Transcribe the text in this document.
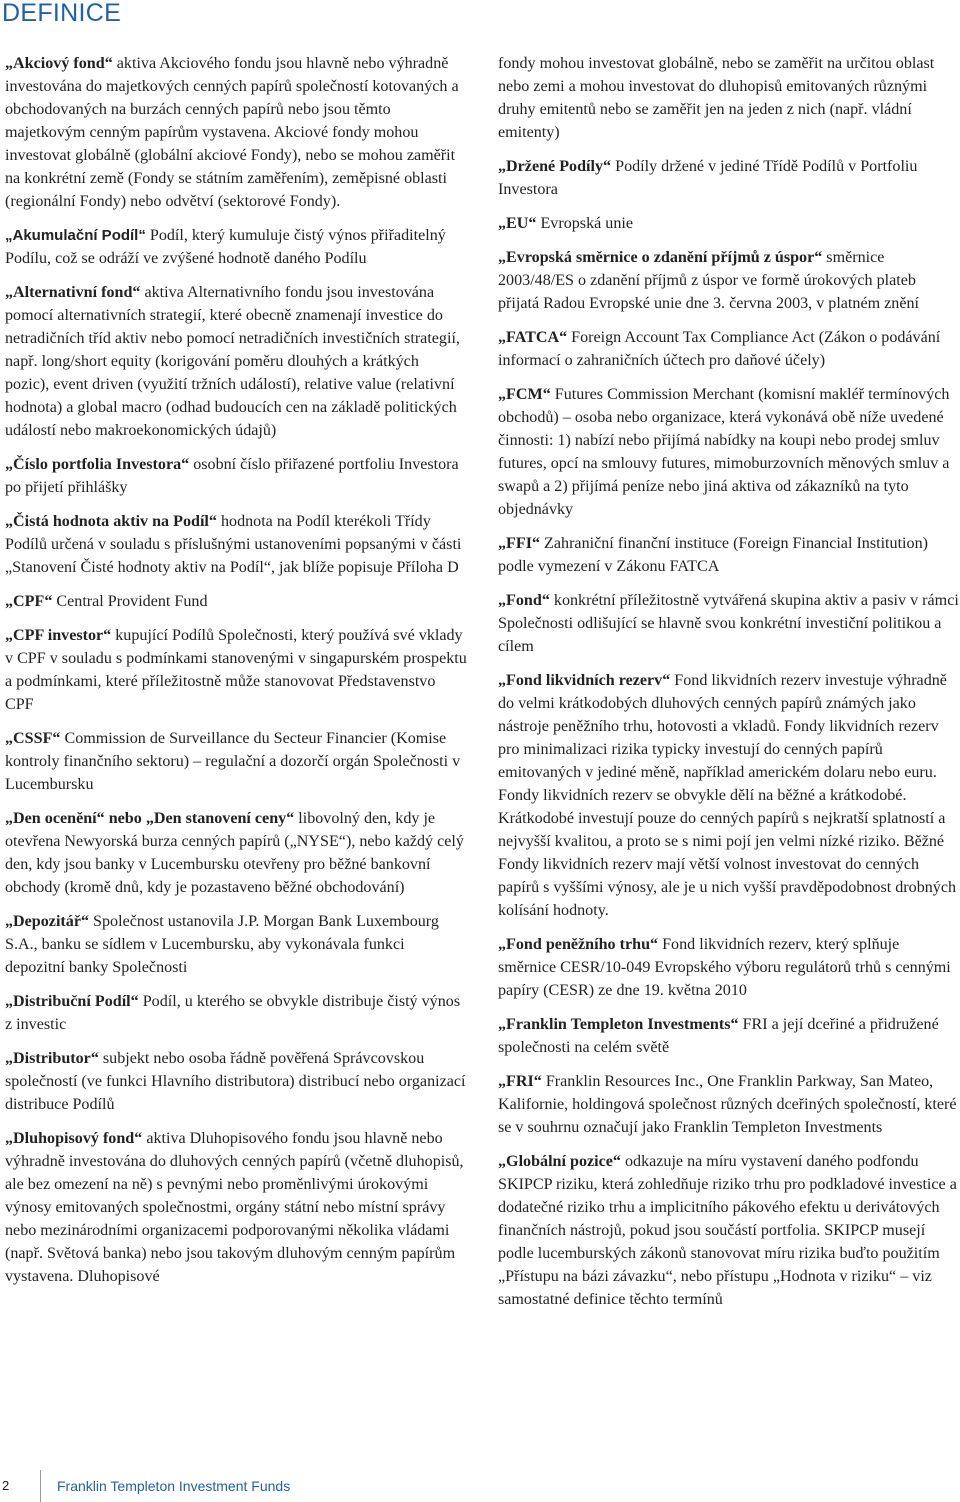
DEFINICE

„Akciový fond“ aktiva Akciového fondu jsou hlavně nebo výhradně investována do majetkových cenných papírů společností kotovaných a obchodovaných na burzách cenných papírů nebo jsou těmto majetkovým cenným papírům vystavena. Akciové fondy mohou investovat globálně (globální akciové Fondy), nebo se mohou zaměřit na konkrétní země (Fondy se státním zaměřením), zeměpisné oblasti (regionální Fondy) nebo odvětví (sektorové Fondy).

„Akumulační Podíl“ Podíl, který kumuluje čistý výnos přiřaditelný Podílu, což se odráží ve zvýšené hodnotě daného Podílu

„Alternativní fond“ aktiva Alternativního fondu jsou investována pomocí alternativních strategií, které obecně znamenají investice do netradičních tříd aktiv nebo pomocí netradičních investičních strategií, např. long/short equity (korigování poměru dlouhých a krátkých pozic), event driven (využití tržních událostí), relative value (relativní hodnota) a global macro (odhad budoucích cen na základě politických událostí nebo makroekonomických údajů)

„Číslo portfolia Investora“ osobní číslo přiřazené portfoliu Investora po přijetí přihlášky

„Čistá hodnota aktiv na Podíl“ hodnota na Podíl kterékoli Třídy Podílů určená v souladu s příslušnými ustanoveními popsanými v části „Stanovení Čisté hodnoty aktiv na Podíl“, jak blíže popisuje Příloha D

„CPF“ Central Provident Fund

„CPF investor“ kupující Podílů Společnosti, který používá své vklady v CPF v souladu s podmínkami stanovenými v singapurském prospektu a podmínkami, které příležitostně může stanovovat Představenstvo CPF

„CSSF“ Commission de Surveillance du Secteur Financier (Komise kontroly finančního sektoru) – regulační a dozorčí orgán Společnosti v Lucembursku

„Den ocenění“ nebo „Den stanovení ceny“ libovolný den, kdy je otevřena Newyorská burza cenných papírů („NYSE“), nebo každý celý den, kdy jsou banky v Lucembursku otevřeny pro běžné bankovní obchody (kromě dnů, kdy je pozastaveno běžné obchodování)

„Depozitář“ Společnost ustanovila J.P. Morgan Bank Luxembourg S.A., banku se sídlem v Lucembursku, aby vykonávala funkci depozitní banky Společnosti

„Distribuční Podíl“ Podíl, u kterého se obvykle distribuje čistý výnos z investic

„Distributor“ subjekt nebo osoba řádně pověřená Správcovskou společností (ve funkci Hlavního distributora) distribucí nebo organizací distribuce Podílů

„Dluhopisový fond“ aktiva Dluhopisového fondu jsou hlavně nebo výhradně investována do dluhových cenných papírů (včetně dluhopisů, ale bez omezení na ně) s pevnými nebo proměnlivými úrokovými výnosy emitovaných společnostmi, orgány státní nebo místní správy nebo mezinárodními organizacemi podporovanými několika vládami (např. Světová banka) nebo jsou takovým dluhovým cenným papírům vystavena. Dluhopisové

fondy mohou investovat globálně, nebo se zaměřit na určitou oblast nebo zemi a mohou investovat do dluhopisů emitovaných různými druhy emitentů nebo se zaměřit jen na jeden z nich (např. vládní emitenty)

„Držené Podíly“ Podíly držené v jediné Třídě Podílů v Portfoliu Investora

„EU“ Evropská unie

„Evropská směrnice o zdanění příjmů z úspor“ směrnice 2003/48/ES o zdanění příjmů z úspor ve formě úrokových plateb přijatá Radou Evropské unie dne 3. června 2003, v platném znění

„FATCA“ Foreign Account Tax Compliance Act (Zákon o podávání informací o zahraničních účtech pro daňové účely)

„FCM“ Futures Commission Merchant (komisní makléř termínových obchodů) – osoba nebo organizace, která vykonává obě níže uvedené činnosti: 1) nabízí nebo přijímá nabídky na koupi nebo prodej smluv futures, opcí na smlouvy futures, mimoburzovních měnových smluv a swapů a 2) přijímá peníze nebo jiná aktiva od zákazníků na tyto objednávky

„FFI“ Zahraniční finanční instituce (Foreign Financial Institution) podle vymezení v Zákonu FATCA

„Fond“ konkrétní příležitostně vytvářená skupina aktiv a pasiv v rámci Společnosti odlišující se hlavně svou konkrétní investiční politikou a cílem

„Fond likvidních rezerv“ Fond likvidních rezerv investuje výhradně do velmi krátkodobých dluhových cenných papírů známých jako nástroje peněžního trhu, hotovosti a vkladů. Fondy likvidních rezerv pro minimalizaci rizika typicky investují do cenných papírů emitovaných v jediné měně, například americkém dolaru nebo euru. Fondy likvidních rezerv se obvykle dělí na běžné a krátkodobé. Krátkodobé investují pouze do cenných papírů s nejkratší splatností a nejvyšší kvalitou, a proto se s nimi pojí jen velmi nízké riziko. Běžné Fondy likvidních rezerv mají větší volnost investovat do cenných papírů s vyššími výnosy, ale je u nich vyšší pravděpodobnost drobných kolísání hodnoty.

„Fond peněžního trhu“ Fond likvidních rezerv, který splňuje směrnice CESR/10-049 Evropského výboru regulátorů trhů s cennými papíry (CESR) ze dne 19. května 2010

„Franklin Templeton Investments“ FRI a její dceřiné a přidružené společnosti na celém světě

„FRI“ Franklin Resources Inc., One Franklin Parkway, San Mateo, Kalifornie, holdingová společnost různých dceřiných společností, které se v souhrnu označují jako Franklin Templeton Investments

„Globální pozice“ odkazuje na míru vystavení daného podfondu SKIPCP riziku, která zohledňuje riziko trhu pro podkladové investice a dodatečné riziko trhu a implicitního pákového efektu u derivátových finančních nástrojů, pokud jsou součástí portfolia. SKIPCP musejí podle lucemburských zákonů stanovovat míru rizika buďto použitím „Přístupu na bázi závazku“, nebo přístupu „Hodnota v riziku“ – viz samostatné definice těchto termínů

2	Franklin Templeton Investment Funds
